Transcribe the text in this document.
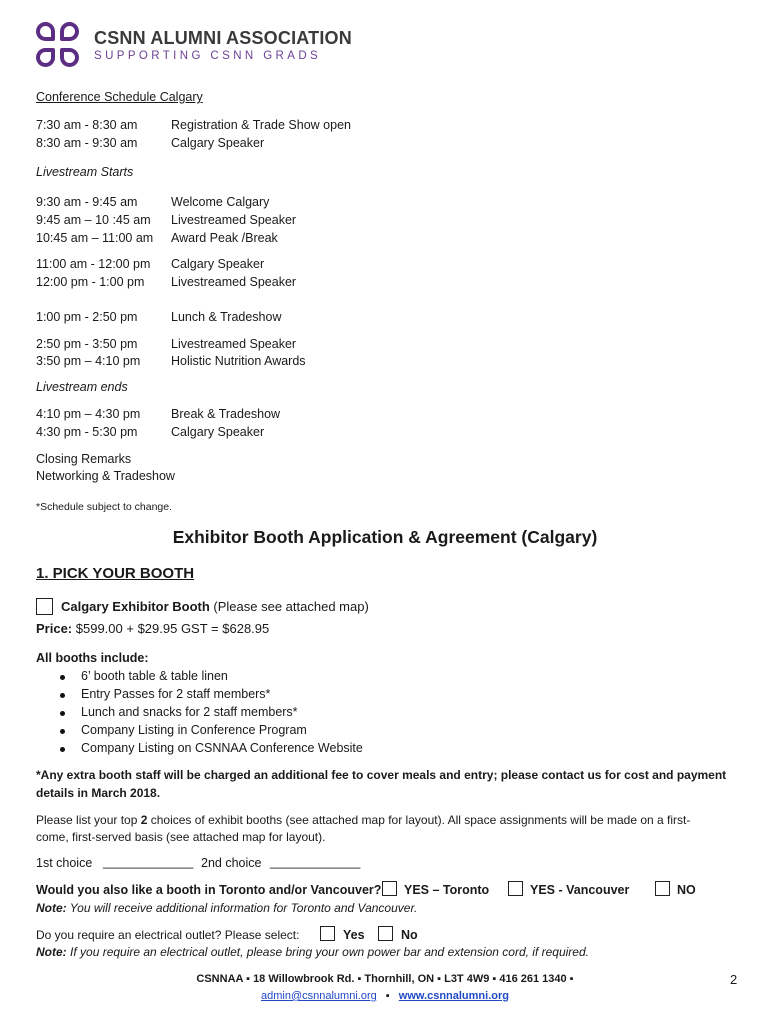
CSNN ALUMNI ASSOCIATION
SUPPORTING CSNN GRADS
Conference Schedule Calgary
7:30 am - 8:30 am	Registration & Trade Show open
8:30 am - 9:30 am	Calgary Speaker
Livestream Starts
9:30 am - 9:45 am	Welcome Calgary
9:45 am – 10 :45 am Livestreamed Speaker
10:45 am – 11:00 am Award Peak /Break
11:00 am - 12:00 pm Calgary Speaker
12:00 pm - 1:00 pm Livestreamed Speaker
1:00 pm - 2:50 pm	Lunch & Tradeshow
2:50 pm - 3:50 pm	Livestreamed Speaker
3:50 pm – 4:10 pm Holistic Nutrition Awards
Livestream ends
4:10 pm – 4:30 pm Break & Tradeshow
4:30 pm - 5:30 pm	Calgary Speaker
Closing Remarks
Networking & Tradeshow
*Schedule subject to change.
Exhibitor Booth Application & Agreement (Calgary)
1. PICK YOUR BOOTH
Calgary Exhibitor Booth (Please see attached map)
Price: $599.00 + $29.95 GST = $628.95
All booths include:
6’ booth table & table linen
Entry Passes for 2 staff members*
Lunch and snacks for 2 staff members*
Company Listing in Conference Program
Company Listing on CSNNAA Conference Website
*Any extra booth staff will be charged an additional fee to cover meals and entry; please contact us for cost and payment
details in March 2018.
Please list your top 2 choices of exhibit booths (see attached map for layout). All space assignments will be made on a first-
come, first-served basis (see attached map for layout).
1st choice _____________ 2nd choice _____________
Would you also like a booth in Toronto and/or Vancouver? YES – Toronto	YES - Vancouver	NO
Note: You will receive additional information for Toronto and Vancouver.
Do you require an electrical outlet? Please select:	Yes	No
Note: If you require an electrical outlet, please bring your own power bar and extension cord, if required.
CSNNAA ▪ 18 Willowbrook Rd. ▪ Thornhill, ON ▪ L3T 4W9 ▪ 416 261 1340 ▪
admin@csnnalumni.org ▪ www.csnnalumni.org
2
